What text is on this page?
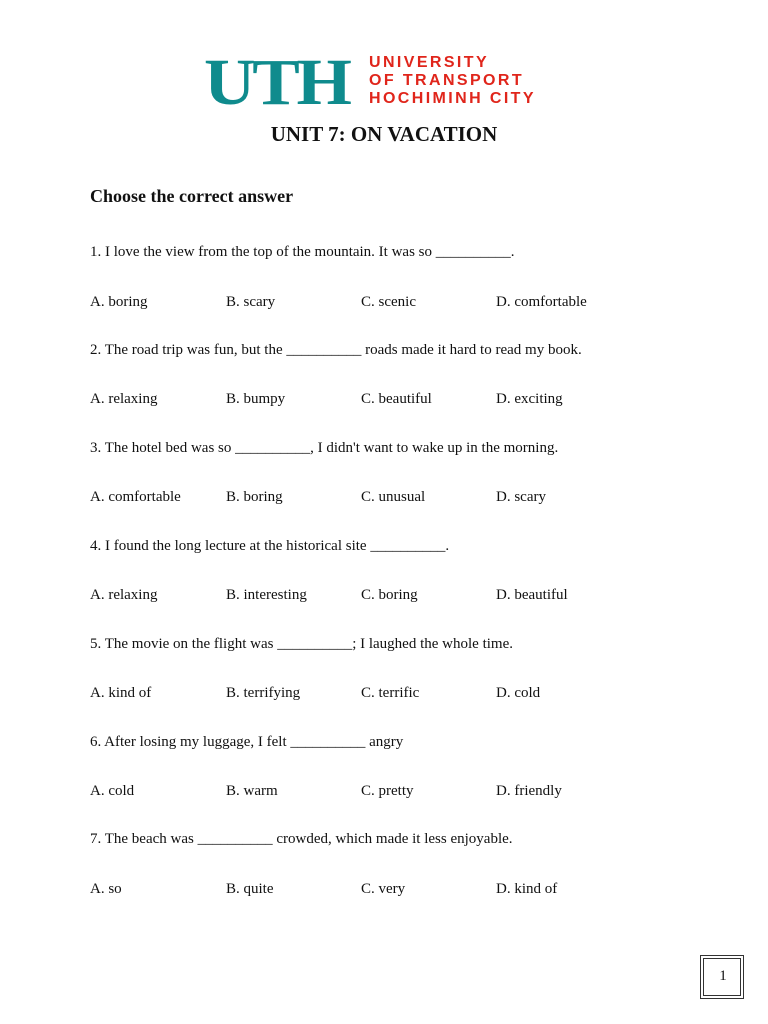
UTH UNIVERSITY
OF TRANSPORT
HOCHIMINH CITY
UNIT 7: ON VACATION
Choose the correct answer
1. I love the view from the top of the mountain. It was so __________.
A. boring	B. scary	C. scenic	D. comfortable
2. The road trip was fun, but the __________ roads made it hard to read my book.
A. relaxing	B. bumpy	C. beautiful	D. exciting
3. The hotel bed was so __________, I didn't want to wake up in the morning.
A. comfortable	B. boring	C. unusual	D. scary
4. I found the long lecture at the historical site __________.
A. relaxing	B. interesting	C. boring	D. beautiful
5. The movie on the flight was __________; I laughed the whole time.
A. kind of	B. terrifying	C. terrific	D. cold
6. After losing my luggage, I felt __________ angry
A. cold	B. warm	C. pretty	D. friendly
7. The beach was __________ crowded, which made it less enjoyable.
A. so	B. quite	C. very	D. kind of
1
